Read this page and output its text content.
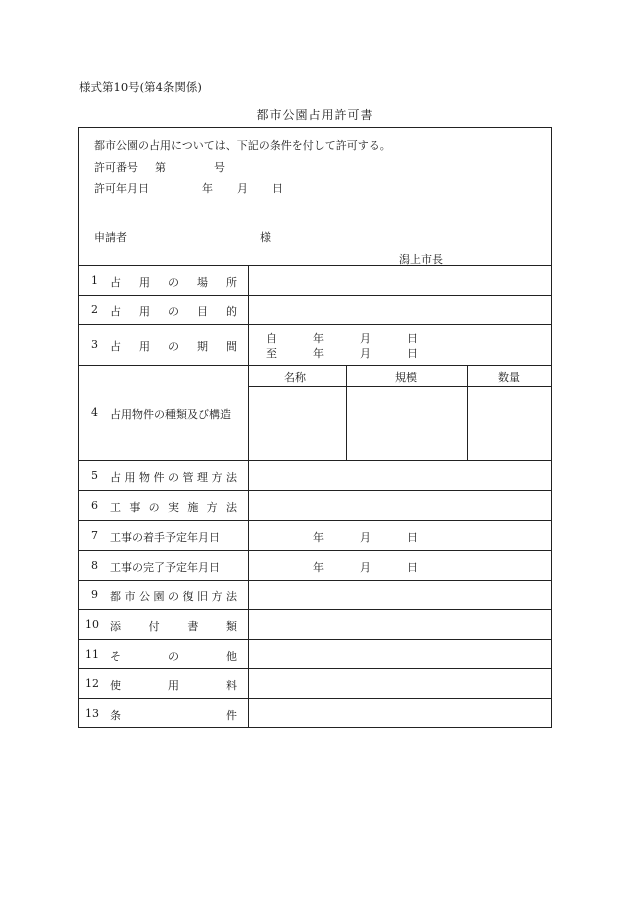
様式第10号(第4条関係)
都市公園占用許可書
都市公園の占用については、下記の条件を付して許可する。
許可番号 第	号
許可年月日	年 月 日
申請者	様
潟上市長
1 占 用 の 場 所
2 占 用 の 目 的
3 占 用 の 期 間
自	年	月	日
至	年	月	日
4 占用物件の種類及び構造
名称	規模	数量
5 占 用 物 件 の 管 理 方 法
6 工 事 の 実 施 方 法
7 工事の着手予定年月日	年	月	日
8 工事の完了予定年月日	年	月	日
9 都 市 公 園 の 復 旧 方 法
10 添	付	書	類
11 そ	の	他
12 使	用	料
13 条	件
